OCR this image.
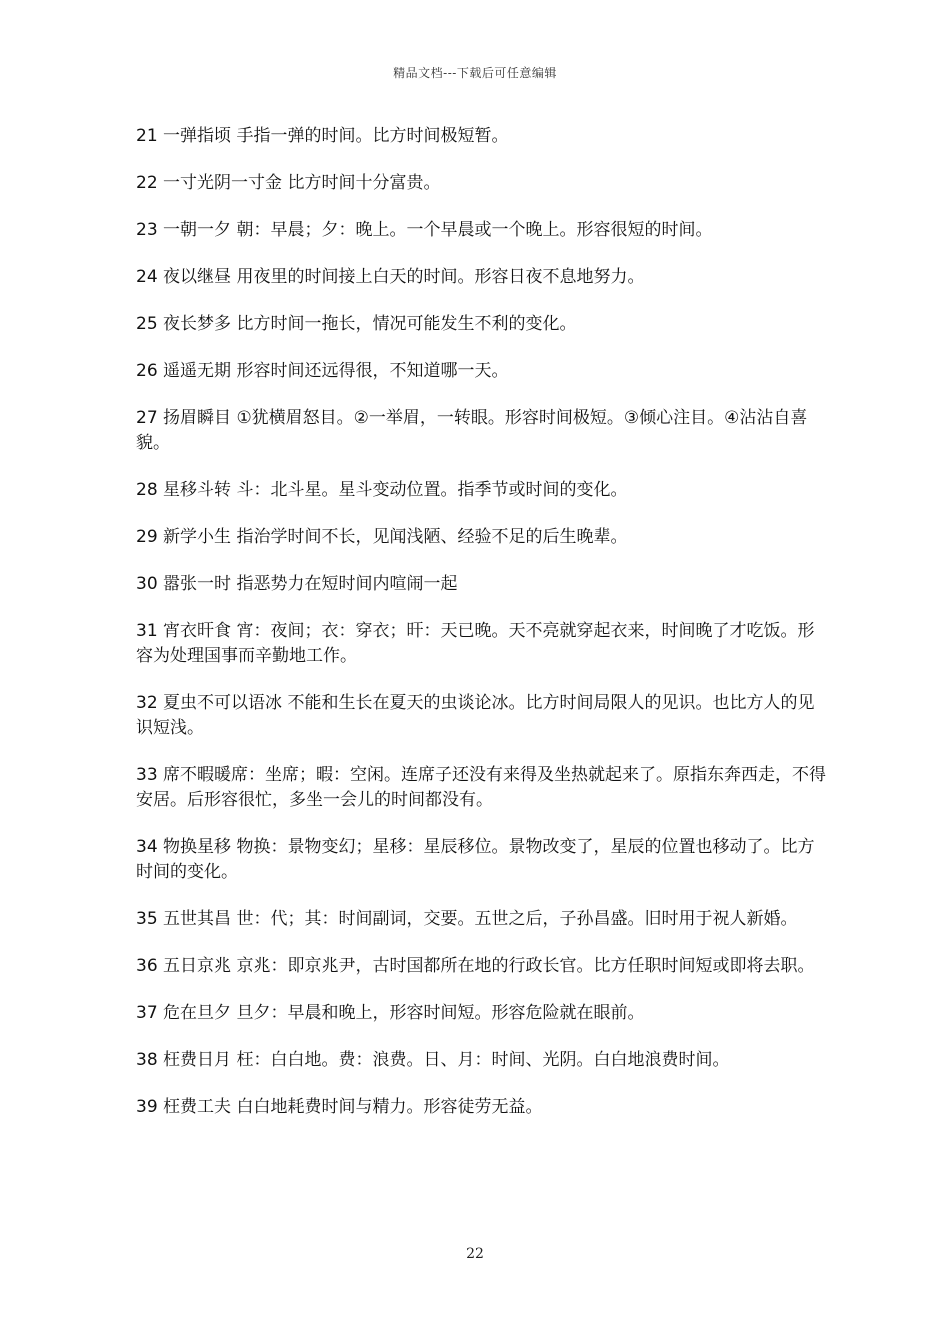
精品文档---下载后可任意编辑

21 一弹指顷 手指一弹的时间。比方时间极短暂。

22 一寸光阴一寸金 比方时间十分富贵。

23 一朝一夕 朝：早晨；夕：晚上。一个早晨或一个晚上。形容很短的时间。

24 夜以继昼 用夜里的时间接上白天的时间。形容日夜不息地努力。

25 夜长梦多 比方时间一拖长，情况可能发生不利的变化。

26 遥遥无期 形容时间还远得很，不知道哪一天。

27 扬眉瞬目 ①犹横眉怒目。②一举眉，一转眼。形容时间极短。③倾心注目。④沾沾自喜貌。

28 星移斗转 斗：北斗星。星斗变动位置。指季节或时间的变化。

29 新学小生 指治学时间不长，见闻浅陋、经验不足的后生晚辈。

30 嚣张一时 指恶势力在短时间内喧闹一起

31 宵衣旰食 宵：夜间；衣：穿衣；旰：天已晚。天不亮就穿起衣来，时间晚了才吃饭。形容为处理国事而辛勤地工作。

32 夏虫不可以语冰 不能和生长在夏天的虫谈论冰。比方时间局限人的见识。也比方人的见识短浅。

33 席不暇暖席：坐席；暇：空闲。连席子还没有来得及坐热就起来了。原指东奔西走，不得安居。后形容很忙，多坐一会儿的时间都没有。

34 物换星移 物换：景物变幻；星移：星辰移位。景物改变了，星辰的位置也移动了。比方时间的变化。

35 五世其昌 世：代；其：时间副词，交要。五世之后，子孙昌盛。旧时用于祝人新婚。

36 五日京兆 京兆：即京兆尹，古时国都所在地的行政长官。比方任职时间短或即将去职。

37 危在旦夕 旦夕：早晨和晚上，形容时间短。形容危险就在眼前。

38 枉费日月 枉：白白地。费：浪费。日、月：时间、光阴。白白地浪费时间。

39 枉费工夫 白白地耗费时间与精力。形容徒劳无益。

22
